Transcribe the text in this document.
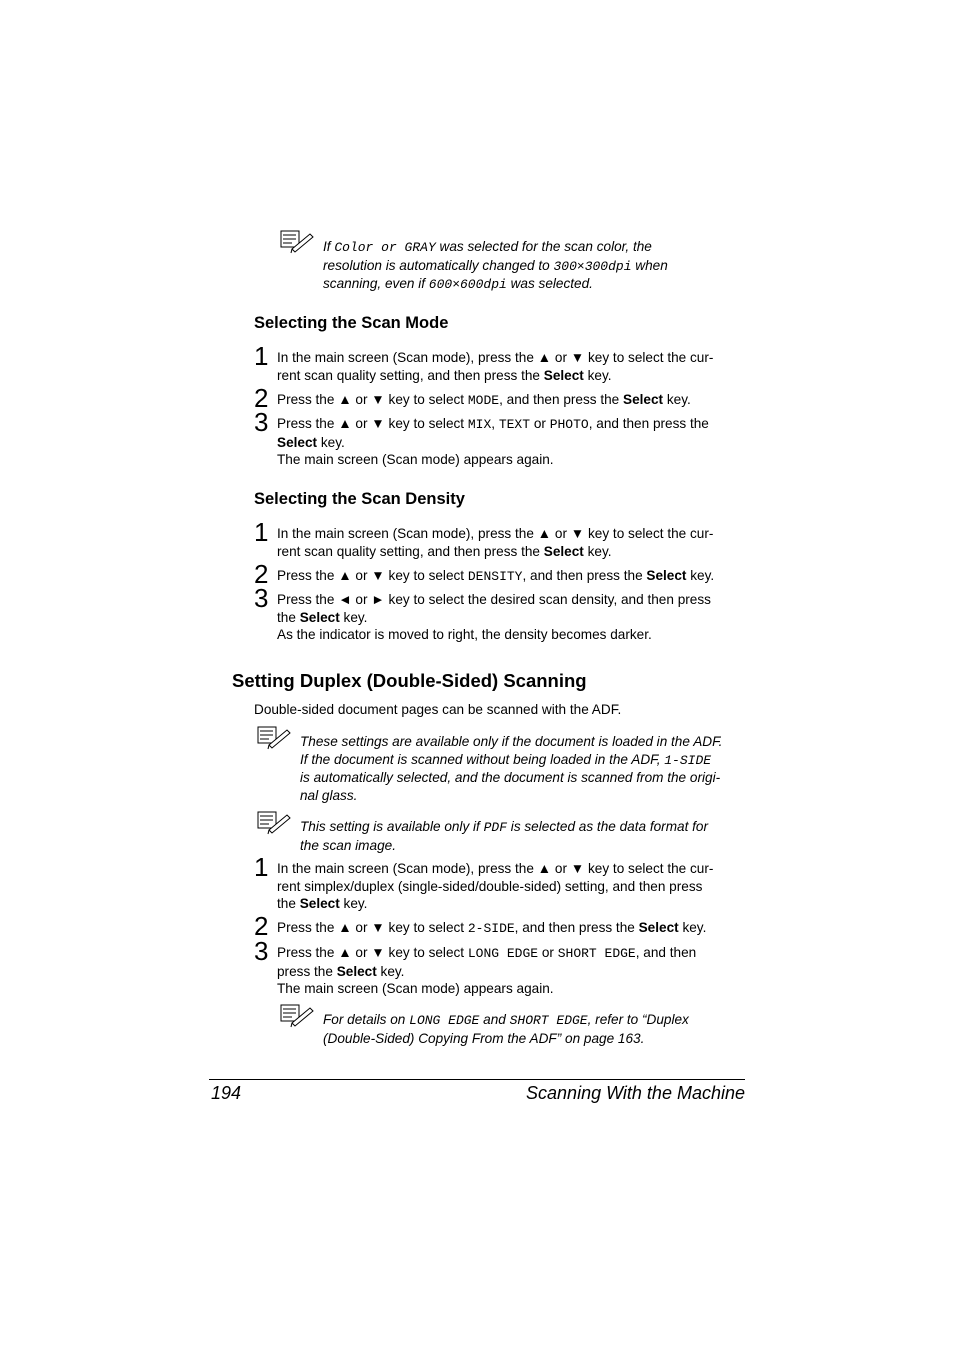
If Color or GRAY was selected for the scan color, the
resolution is automatically changed to 300×300dpi when
scanning, even if 600×600dpi was selected.
Selecting the Scan Mode
1 In the main screen (Scan mode), press the ▲ or ▼ key to select the cur-
rent scan quality setting, and then press the Select key.
2 Press the ▲ or ▼ key to select MODE, and then press the Select key.
3 Press the ▲ or ▼ key to select MIX, TEXT or PHOTO, and then press the
Select key.
The main screen (Scan mode) appears again.
Selecting the Scan Density
1 In the main screen (Scan mode), press the ▲ or ▼ key to select the cur-
rent scan quality setting, and then press the Select key.
2 Press the ▲ or ▼ key to select DENSITY, and then press the Select key.
3 Press the ◄ or ► key to select the desired scan density, and then press
the Select key.
As the indicator is moved to right, the density becomes darker.
Setting Duplex (Double-Sided) Scanning
Double-sided document pages can be scanned with the ADF.
These settings are available only if the document is loaded in the ADF.
If the document is scanned without being loaded in the ADF, 1-SIDE
is automatically selected, and the document is scanned from the origi-
nal glass.
This setting is available only if PDF is selected as the data format for
the scan image.
1 In the main screen (Scan mode), press the ▲ or ▼ key to select the cur-
rent simplex/duplex (single-sided/double-sided) setting, and then press
the Select key.
2 Press the ▲ or ▼ key to select 2-SIDE, and then press the Select key.
3 Press the ▲ or ▼ key to select LONG EDGE or SHORT EDGE, and then
press the Select key.
The main screen (Scan mode) appears again.
For details on LONG EDGE and SHORT EDGE, refer to “Duplex
(Double-Sided) Copying From the ADF” on page 163.
194	Scanning With the Machine
